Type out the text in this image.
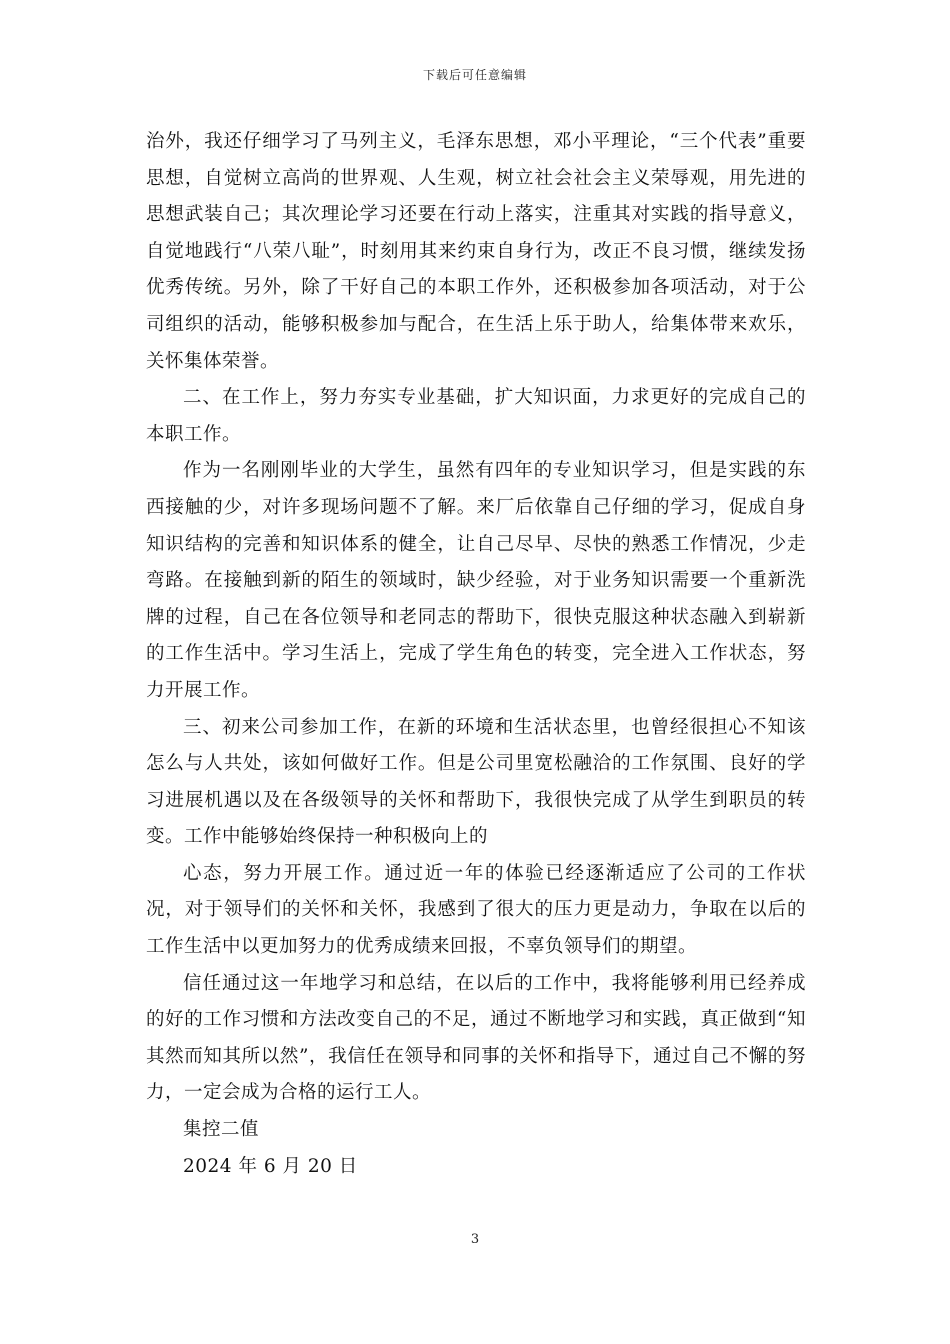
下载后可任意编辑

治外，我还仔细学习了马列主义，毛泽东思想，邓小平理论，“三个代表”重要思想，自觉树立高尚的世界观、人生观，树立社会社会主义荣辱观，用先进的思想武装自己；其次理论学习还要在行动上落实，注重其对实践的指导意义，自觉地践行“八荣八耻”，时刻用其来约束自身行为，改正不良习惯，继续发扬优秀传统。另外，除了干好自己的本职工作外，还积极参加各项活动，对于公司组织的活动，能够积极参加与配合，在生活上乐于助人，给集体带来欢乐，关怀集体荣誉。

二、在工作上，努力夯实专业基础，扩大知识面，力求更好的完成自己的本职工作。

作为一名刚刚毕业的大学生，虽然有四年的专业知识学习，但是实践的东西接触的少，对许多现场问题不了解。来厂后依靠自己仔细的学习，促成自身知识结构的完善和知识体系的健全，让自己尽早、尽快的熟悉工作情况，少走弯路。在接触到新的陌生的领域时，缺少经验，对于业务知识需要一个重新洗牌的过程，自己在各位领导和老同志的帮助下，很快克服这种状态融入到崭新的工作生活中。学习生活上，完成了学生角色的转变，完全进入工作状态，努力开展工作。

三、初来公司参加工作，在新的环境和生活状态里，也曾经很担心不知该怎么与人共处，该如何做好工作。但是公司里宽松融洽的工作氛围、良好的学习进展机遇以及在各级领导的关怀和帮助下，我很快完成了从学生到职员的转变。工作中能够始终保持一种积极向上的

心态，努力开展工作。通过近一年的体验已经逐渐适应了公司的工作状况，对于领导们的关怀和关怀，我感到了很大的压力更是动力，争取在以后的工作生活中以更加努力的优秀成绩来回报，不辜负领导们的期望。

信任通过这一年地学习和总结，在以后的工作中，我将能够利用已经养成的好的工作习惯和方法改变自己的不足，通过不断地学习和实践，真正做到“知其然而知其所以然”，我信任在领导和同事的关怀和指导下，通过自己不懈的努力，一定会成为合格的运行工人。

集控二值

2024 年 6 月 20 日

3
